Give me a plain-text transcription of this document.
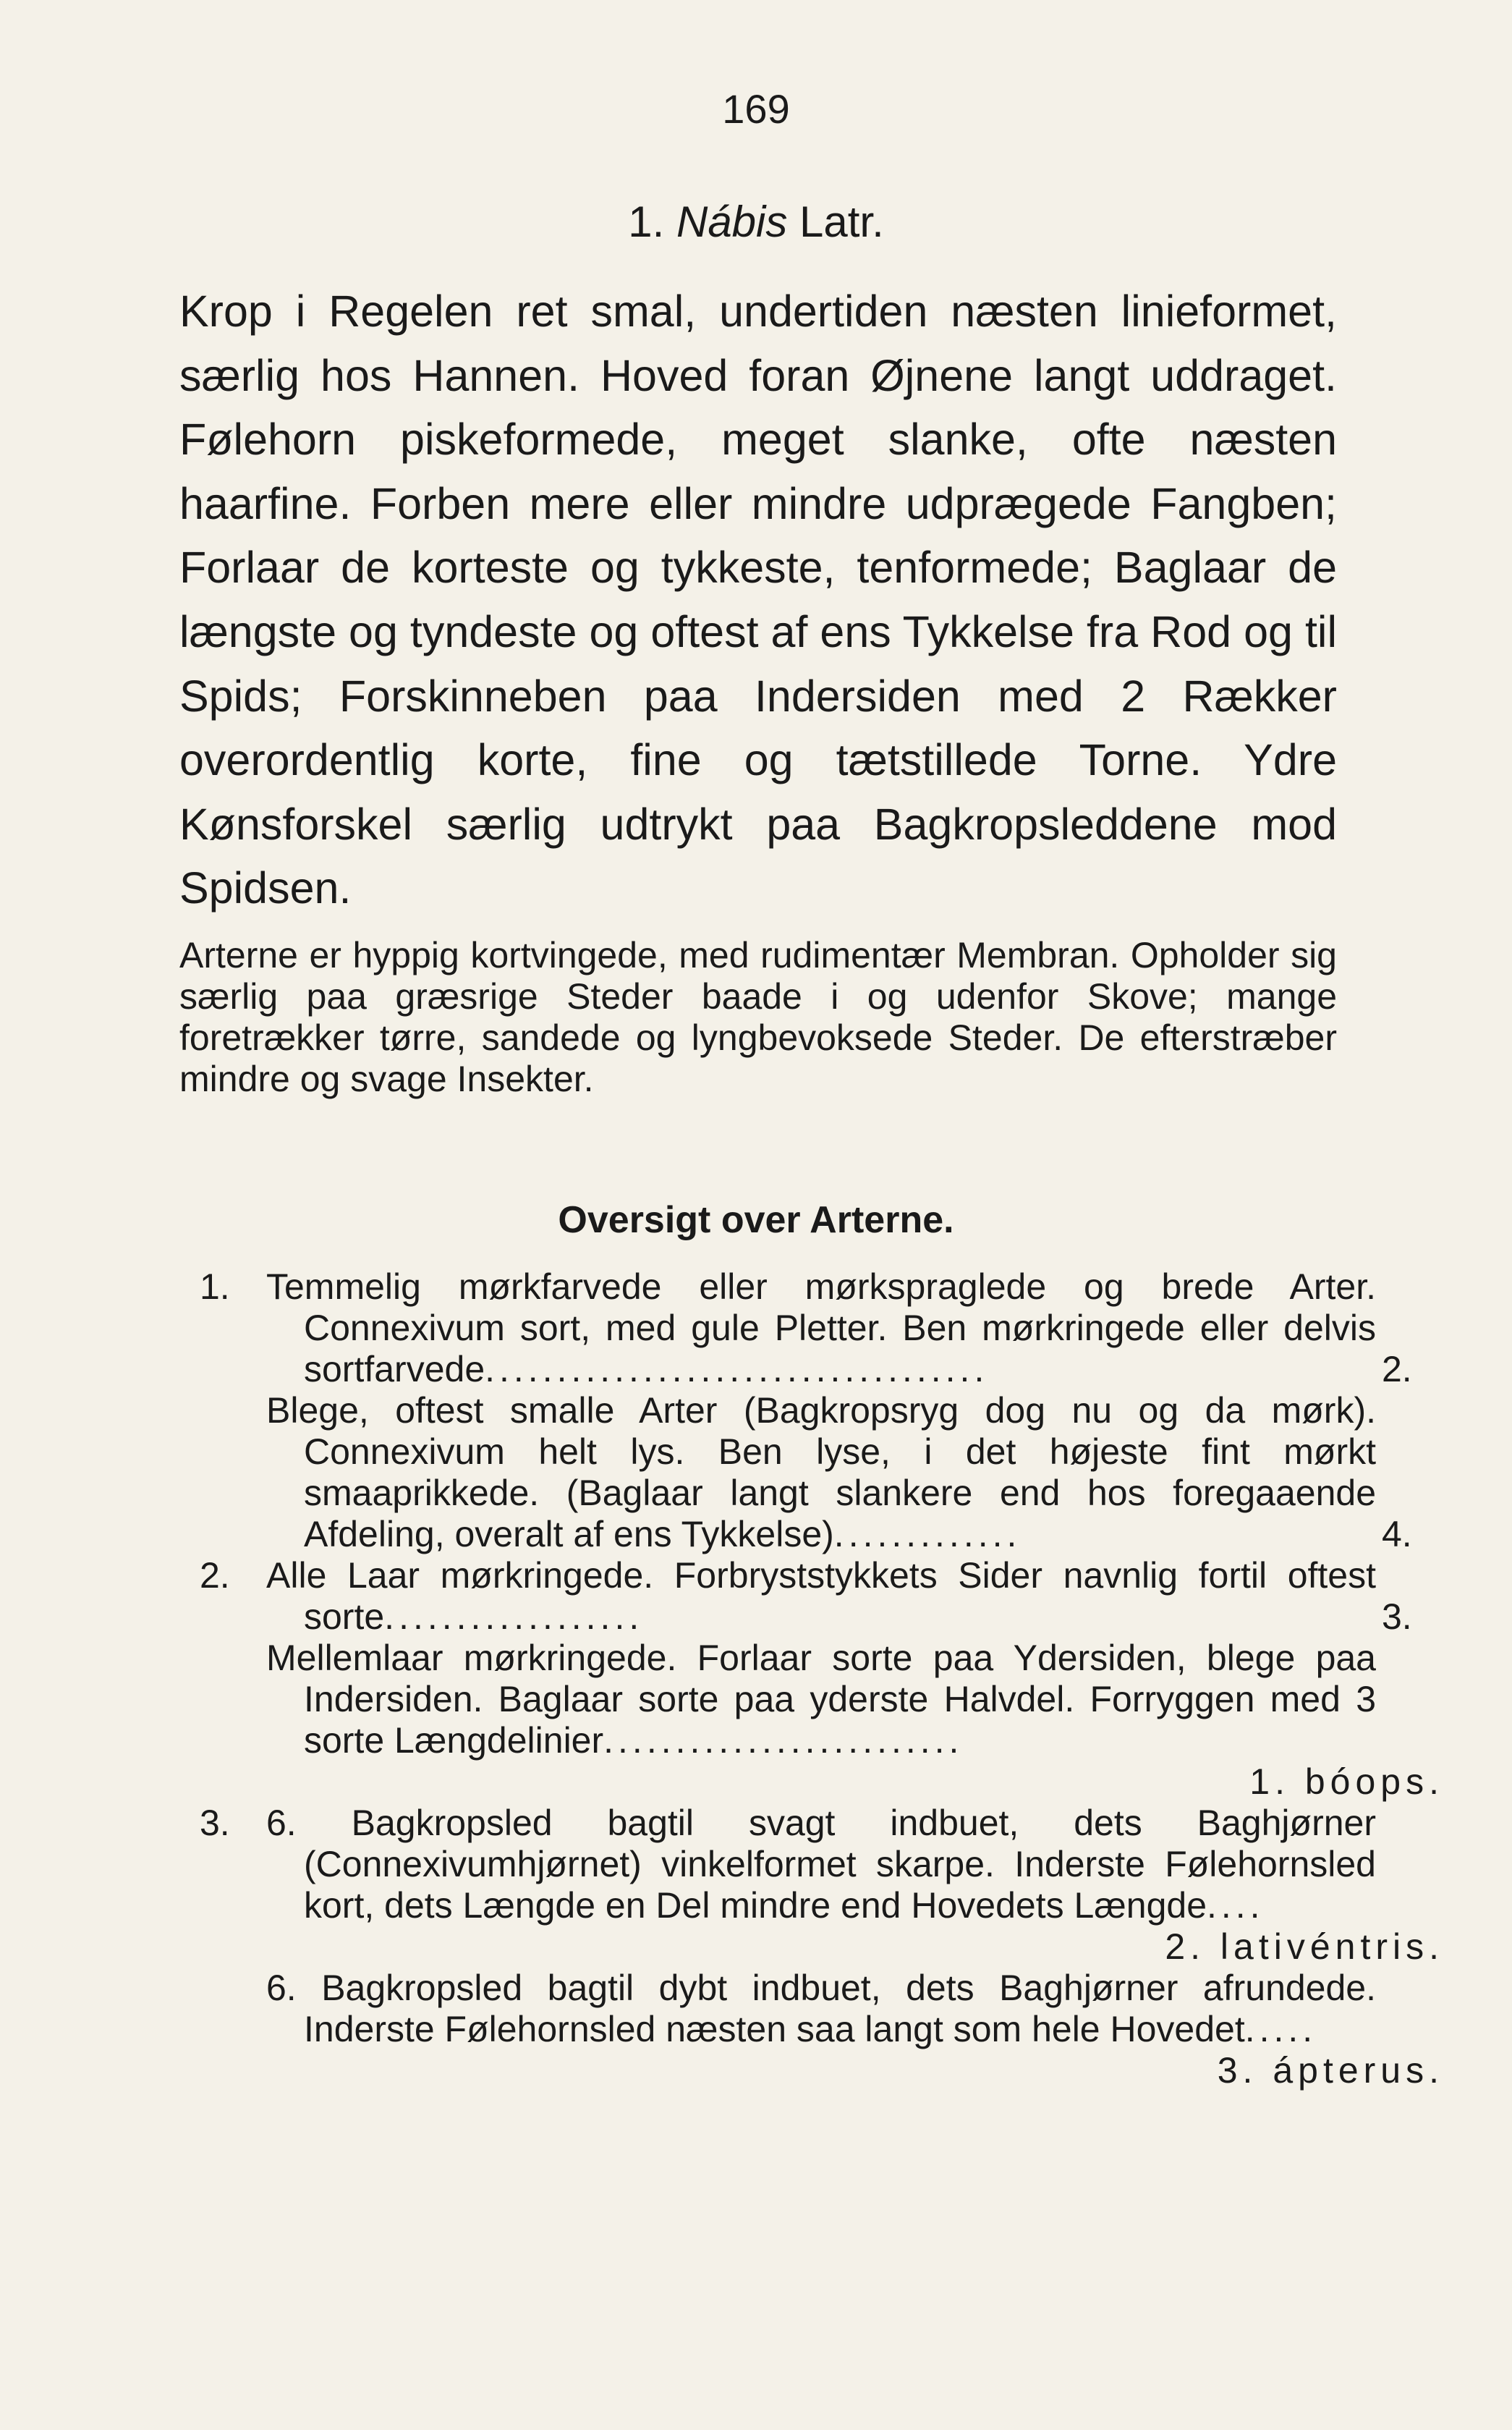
169
1. Nábis Latr.

Krop i Regelen ret smal, undertiden næsten linieformet, særlig hos Hannen. Hoved foran Øjnene langt uddraget. Følehorn piskeformede, meget slanke, ofte næsten haarfine. Forben mere eller mindre udprægede Fangben; Forlaar de korteste og tykkeste, tenformede; Baglaar de længste og tyndeste og oftest af ens Tykkelse fra Rod og til Spids; Forskinneben paa Indersiden med 2 Rækker overordentlig korte, fine og tætstillede Torne. Ydre Kønsforskel særlig udtrykt paa Bagkropsleddene mod Spidsen.

Arterne er hyppig kortvingede, med rudimentær Membran. Opholder sig særlig paa græsrige Steder baade i og udenfor Skove; mange foretrækker tørre, sandede og lyngbevoksede Steder. De efterstræber mindre og svage Insekter.

Oversigt over Arterne.
1. Temmelig mørkfarvede eller mørkspraglede og brede Arter. Connexivum sort, med gule Pletter. Ben mørkringede eller delvis sortfarvede...................................	2.
Blege, oftest smalle Arter (Bagkropsryg dog nu og da mørk). Connexivum helt lys. Ben lyse, i det højeste fint mørkt smaaprikkede. (Baglaar langt slankere end hos foregaaende Afdeling, overalt af ens Tykkelse).............	4.
2. Alle Laar mørkringede. Forbryststykkets Sider navnlig fortil oftest sorte..................	3.
Mellemlaar mørkringede. Forlaar sorte paa Ydersiden, blege paa Indersiden. Baglaar sorte paa yderste Halvdel. Forryggen med 3 sorte Længdelinier.........................
1. bóops.
3. 6. Bagkropsled bagtil svagt indbuet, dets Baghjørner (Connexivumhjørnet) vinkelformet skarpe. Inderste Følehornsled kort, dets Længde en Del mindre end Hovedets Længde....
2. lativéntris.
6. Bagkropsled bagtil dybt indbuet, dets Baghjørner afrundede. Inderste Følehornsled næsten saa langt som hele Hovedet.....
3. ápterus.
